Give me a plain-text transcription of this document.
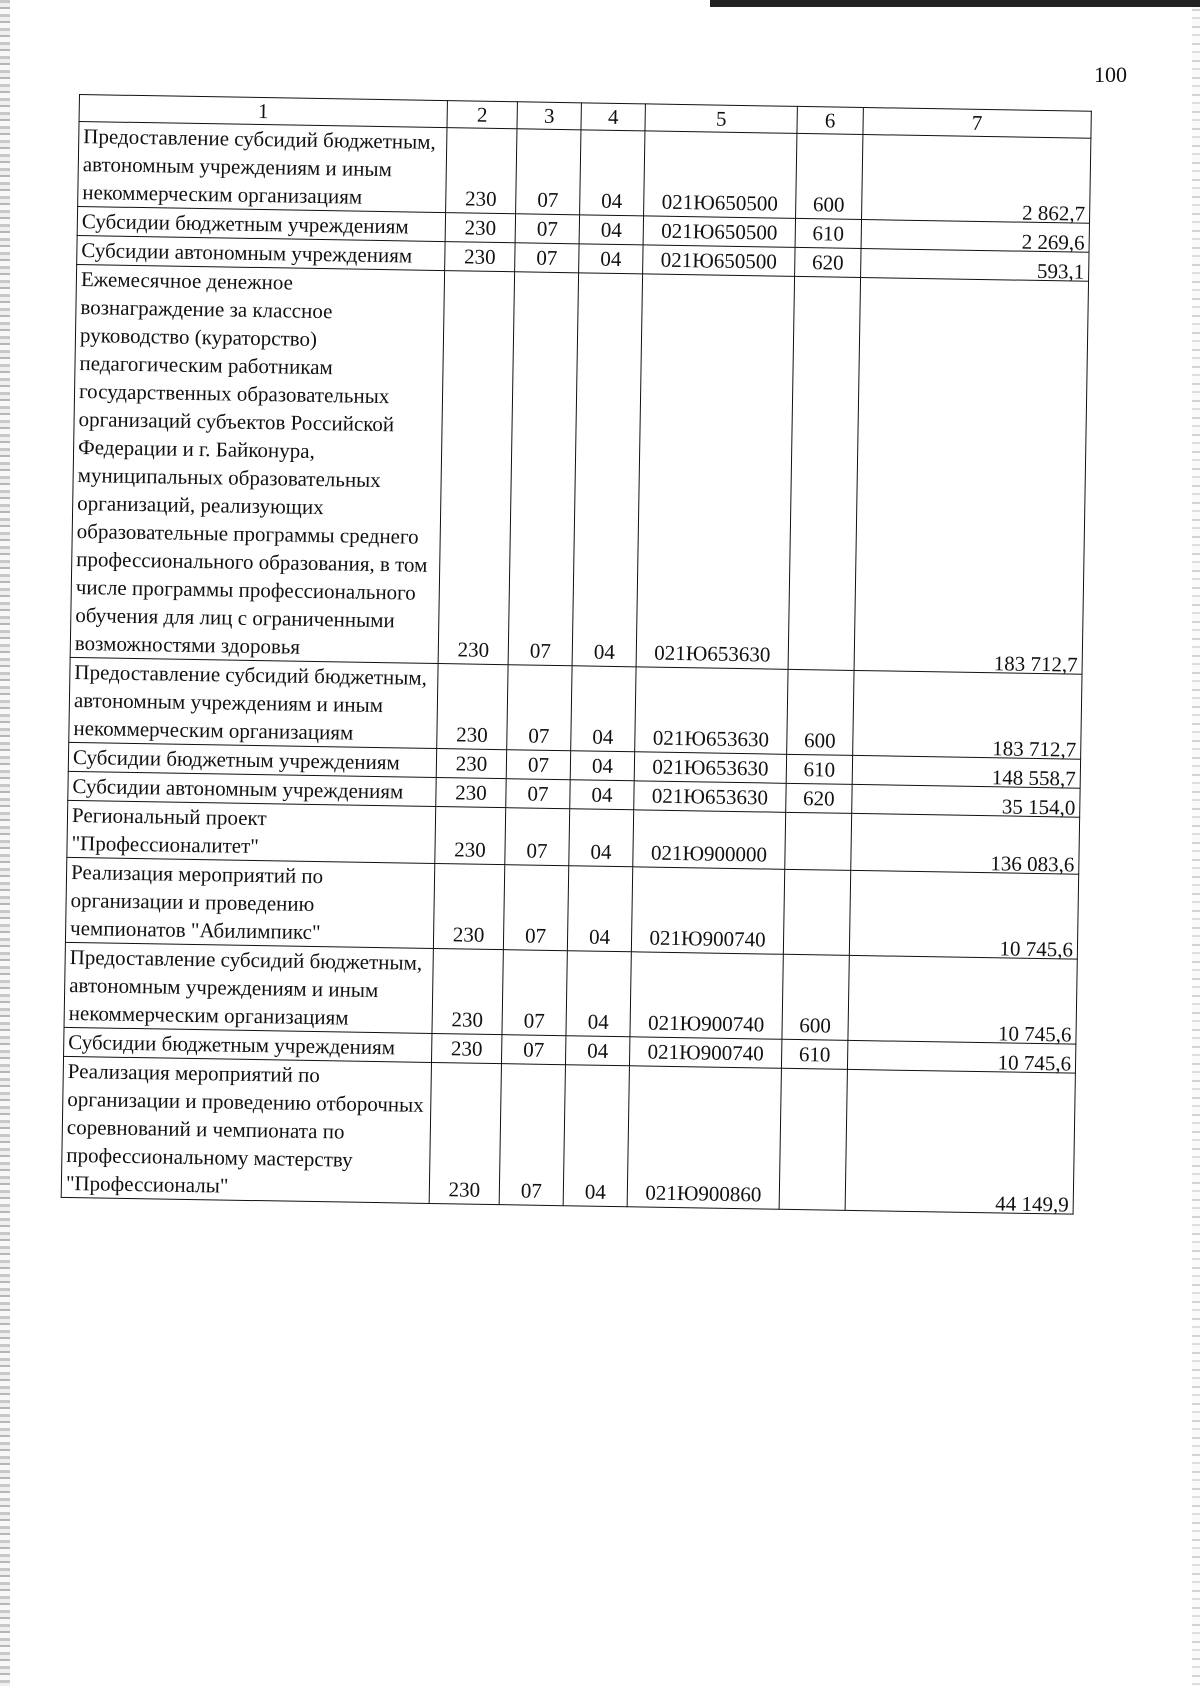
100
1	2	3	4	5	6	7
Предоставление субсидий бюджетным, автономным учреждениям и иным некоммерческим организациям	230	07	04	021Ю650500	600	2 862,7
Субсидии бюджетным учреждениям	230	07	04	021Ю650500	610	2 269,6
Субсидии автономным учреждениям	230	07	04	021Ю650500	620	593,1
Ежемесячное денежное вознаграждение за классное руководство (кураторство) педагогическим работникам государственных образовательных организаций субъектов Российской Федерации и г. Байконура, муниципальных образовательных организаций, реализующих образовательные программы среднего профессионального образования, в том числе программы профессионального обучения для лиц с ограниченными возможностями здоровья	230	07	04	021Ю653630		183 712,7
Предоставление субсидий бюджетным, автономным учреждениям и иным некоммерческим организациям	230	07	04	021Ю653630	600	183 712,7
Субсидии бюджетным учреждениям	230	07	04	021Ю653630	610	148 558,7
Субсидии автономным учреждениям	230	07	04	021Ю653630	620	35 154,0
Региональный проект "Профессионалитет"	230	07	04	021Ю900000		136 083,6
Реализация мероприятий по организации и проведению чемпионатов "Абилимпикс"	230	07	04	021Ю900740		10 745,6
Предоставление субсидий бюджетным, автономным учреждениям и иным некоммерческим организациям	230	07	04	021Ю900740	600	10 745,6
Субсидии бюджетным учреждениям	230	07	04	021Ю900740	610	10 745,6
Реализация мероприятий по организации и проведению отборочных соревнований и чемпионата по профессиональному мастерству "Профессионалы"	230	07	04	021Ю900860		44 149,9
